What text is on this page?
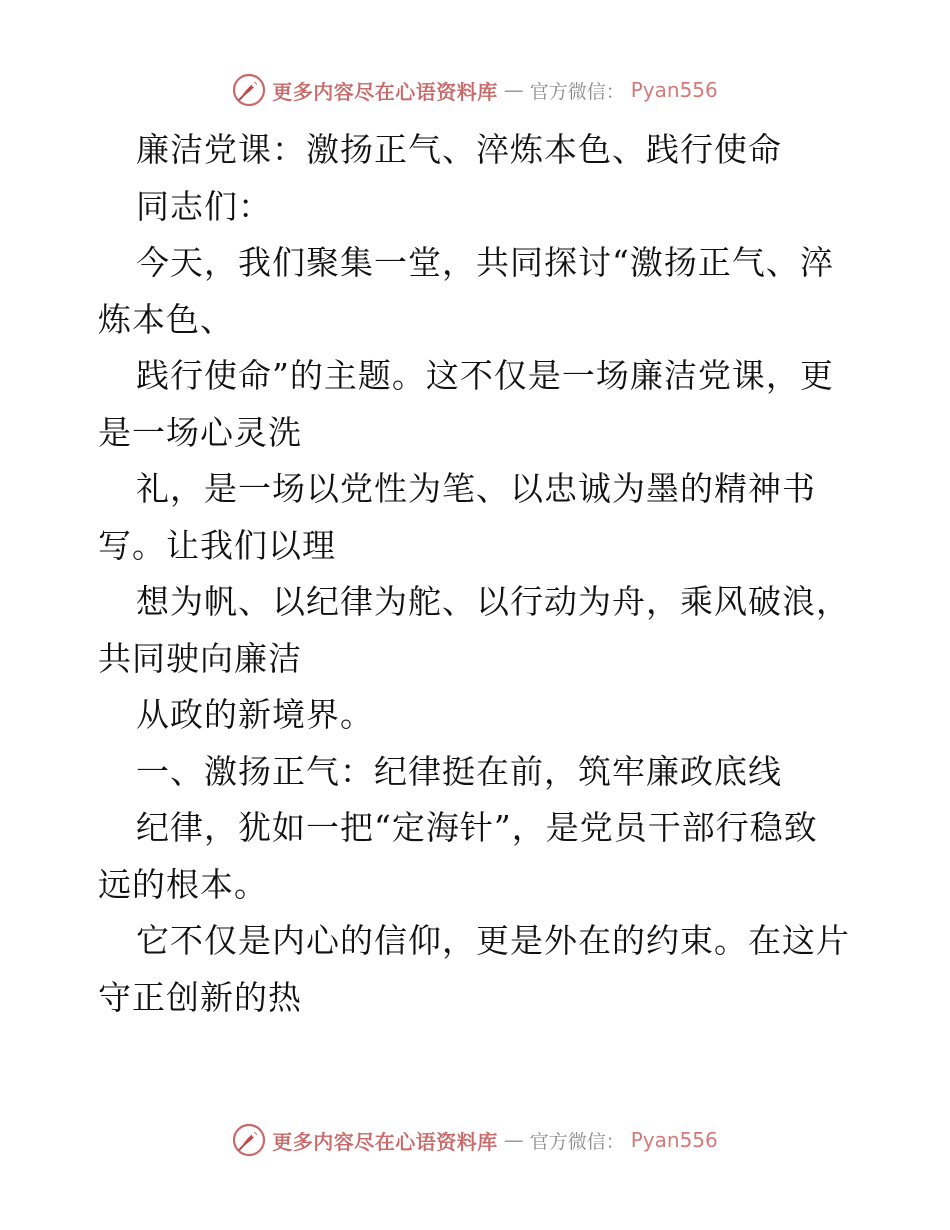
更多内容尽在心语资料库 — 官方微信： Pyan556
廉洁党课：激扬正气、淬炼本色、践行使命
同志们：
今天，我们聚集一堂，共同探讨“激扬正气、淬
炼本色、
践行使命”的主题。这不仅是一场廉洁党课，更
是一场心灵洗
礼，是一场以党性为笔、以忠诚为墨的精神书
写。让我们以理
想为帆、以纪律为舵、以行动为舟，乘风破浪，
共同驶向廉洁
从政的新境界。
一、激扬正气：纪律挺在前，筑牢廉政底线
纪律，犹如一把“定海针”，是党员干部行稳致
远的根本。
它不仅是内心的信仰，更是外在的约束。在这片
守正创新的热
更多内容尽在心语资料库 — 官方微信： Pyan556
